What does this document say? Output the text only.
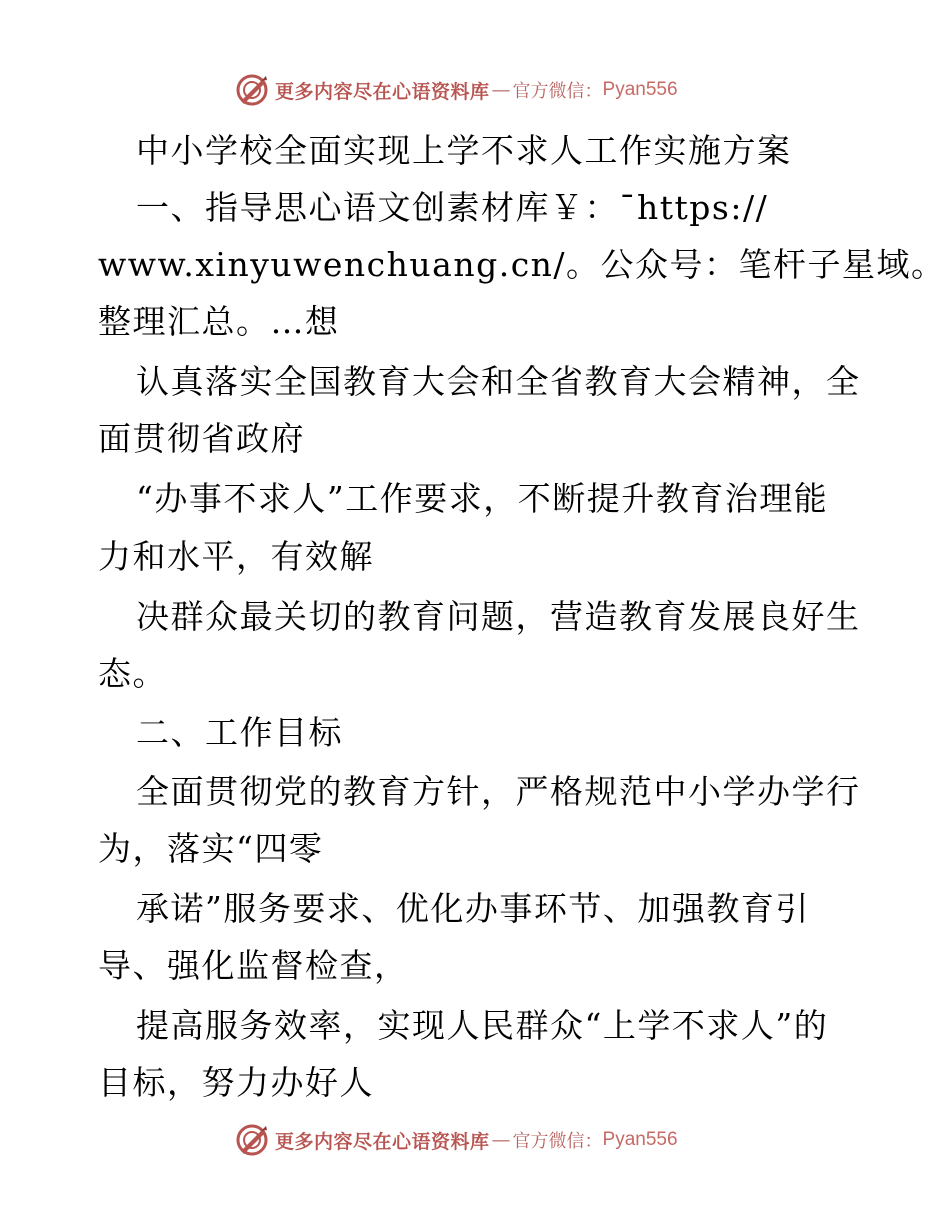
更多内容尽在心语资料库 — 官方微信： Pyan556
中小学校全面实现上学不求人工作实施方案
一、指导思心语文创素材库￥：¯https://
www.xinyuwenchuang.cn/。公众号：笔杆子星域。
整理汇总。…想
认真落实全国教育大会和全省教育大会精神，全
面贯彻省政府
“办事不求人”工作要求，不断提升教育治理能
力和水平，有效解
决群众最关切的教育问题，营造教育发展良好生
态。
二、工作目标
全面贯彻党的教育方针，严格规范中小学办学行
为，落实“四零
承诺”服务要求、优化办事环节、加强教育引
导、强化监督检查，
提高服务效率，实现人民群众“上学不求人”的
目标，努力办好人
更多内容尽在心语资料库 — 官方微信： Pyan556
